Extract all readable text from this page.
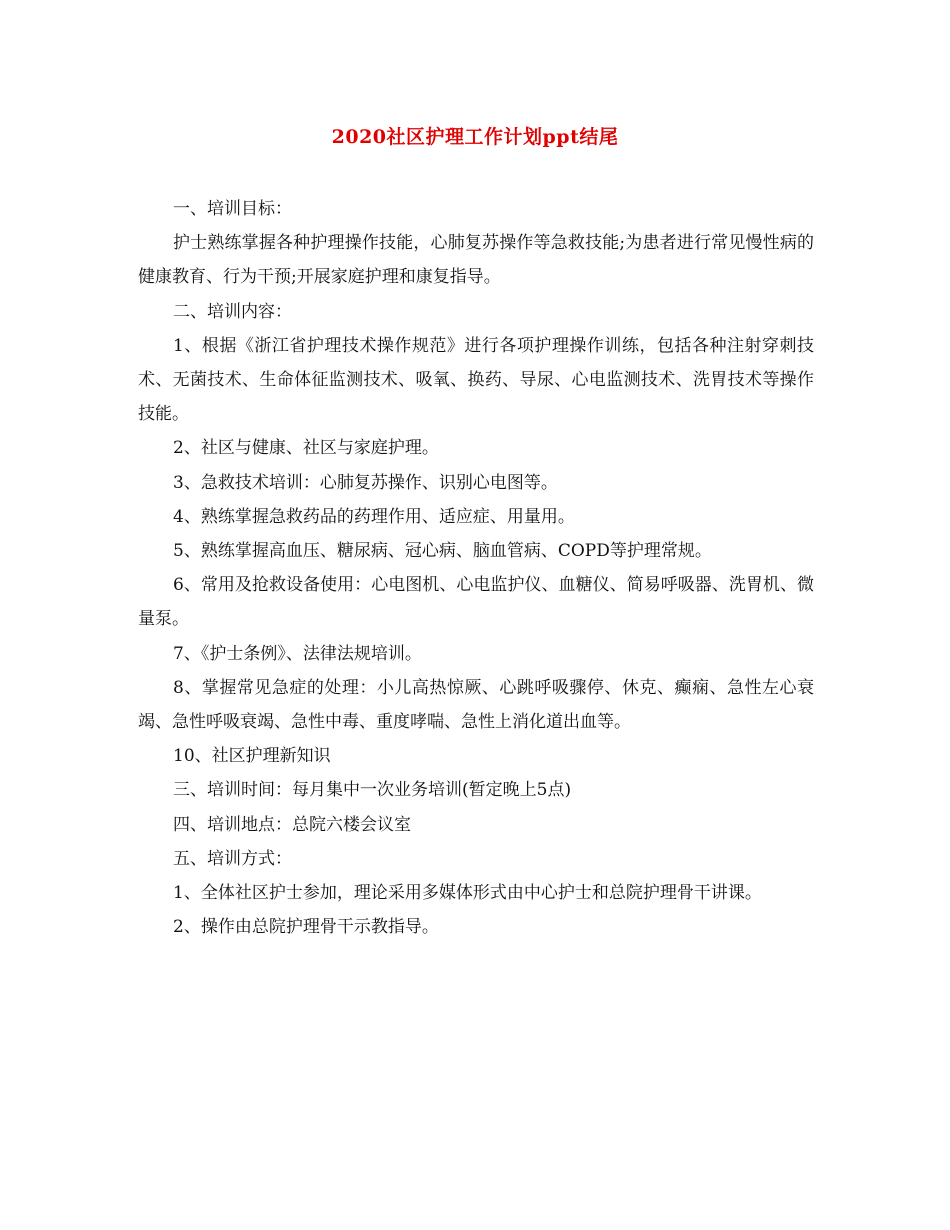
2020社区护理工作计划ppt结尾

一、培训目标：

护士熟练掌握各种护理操作技能，心肺复苏操作等急救技能;为患者进行常见慢性病的健康教育、行为干预;开展家庭护理和康复指导。

二、培训内容：

1、根据《浙江省护理技术操作规范》进行各项护理操作训练，包括各种注射穿刺技术、无菌技术、生命体征监测技术、吸氧、换药、导尿、心电监测技术、洗胃技术等操作技能。

2、社区与健康、社区与家庭护理。

3、急救技术培训：心肺复苏操作、识别心电图等。

4、熟练掌握急救药品的药理作用、适应症、用量用。

5、熟练掌握高血压、糖尿病、冠心病、脑血管病、COPD等护理常规。

6、常用及抢救设备使用：心电图机、心电监护仪、血糖仪、简易呼吸器、洗胃机、微量泵。

7、《护士条例》、法律法规培训。

8、掌握常见急症的处理：小儿高热惊厥、心跳呼吸骤停、休克、癫痫、急性左心衰竭、急性呼吸衰竭、急性中毒、重度哮喘、急性上消化道出血等。

10、社区护理新知识

三、培训时间：每月集中一次业务培训(暂定晚上5点)

四、培训地点：总院六楼会议室

五、培训方式：

1、全体社区护士参加，理论采用多媒体形式由中心护士和总院护理骨干讲课。

2、操作由总院护理骨干示教指导。
